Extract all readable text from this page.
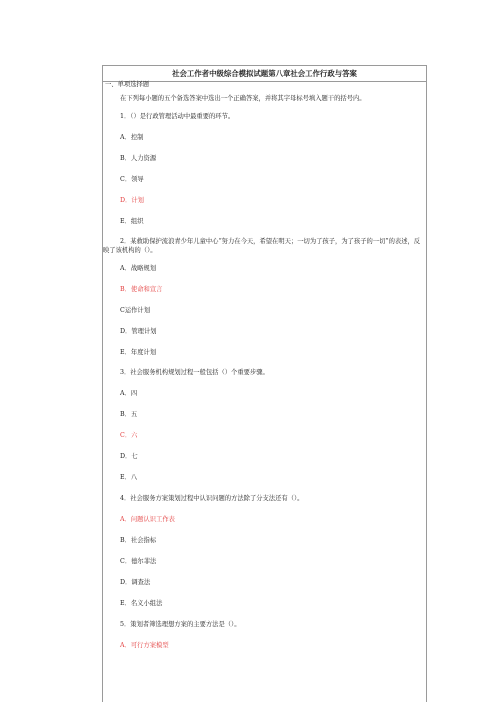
社会工作者中级综合模拟试题第八章社会工作行政与答案
一、单项选择题
在下列每小题的五个备选答案中选出一个正确答案，并将其字母标号填入题干的括号内。
1．（）是行政管理活动中最重要的环节。
A．控制
B．人力资源
C．领导
D．计划
E．组织
2．某救助保护流浪青少年儿童中心“努力在今天，希望在明天；一切为了孩子，为了孩子的一切”的表述，反映了该机构的（）。
A．战略规划
B．使命和宣言
C运作计划
D．管理计划
E．年度计划
3．社会服务机构规划过程一般包括（）个重要步骤。
A．四
B．五
C．六
D．七
E．八
4．社会服务方案策划过程中认识问题的方法除了分支法还有（）。
A．问题认识工作表
B．社会指标
C．德尔菲法
D．调查法
E．名义小组法
5．策划者筛选理想方案的主要方法是（）。
A．可行方案模型
